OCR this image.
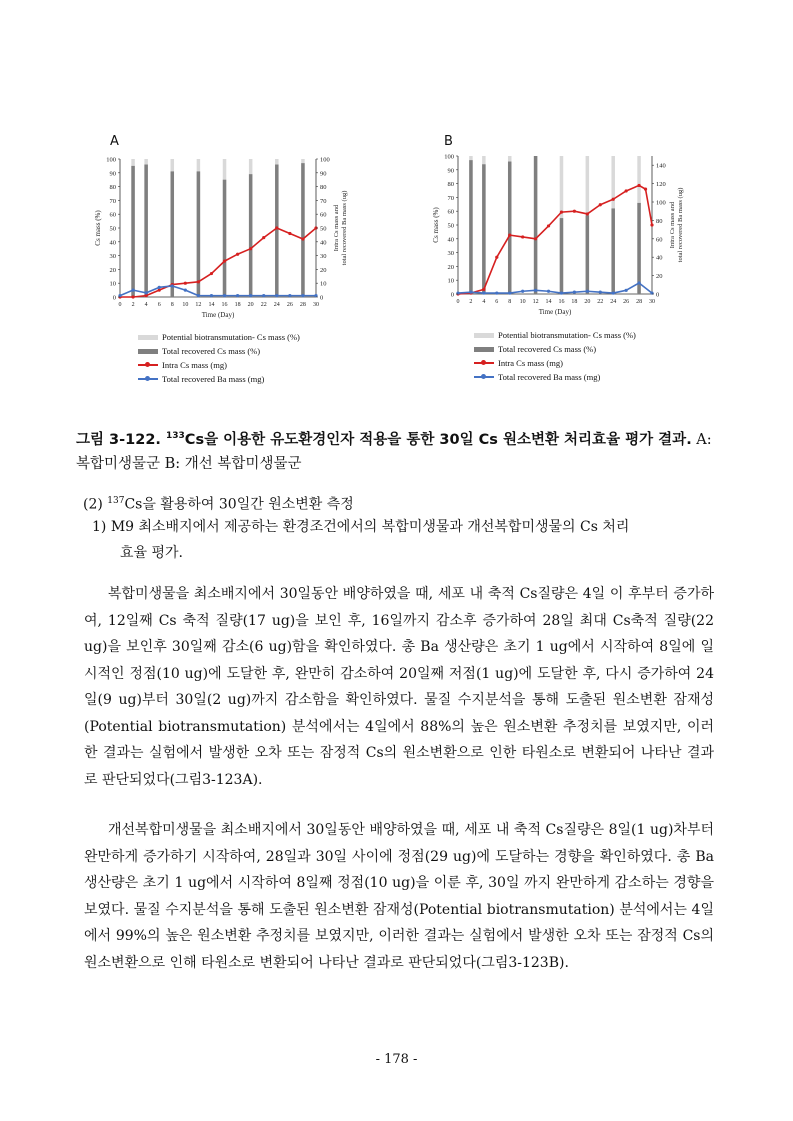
A
0
10
20
30
40
50
60
70
80
90
100
0
10
20
30
40
50
60
70
80
90
100
0 2 4 6 8 10 12 14 16 18 20 22 24 26 28 30
Time (Day)
Cs mass (%)	Intra Cs mass and total recovered Ba mass (ug)
Potential biotransmutation- Cs mass (%)
Total recovered Cs mass (%)
Intra Cs mass (mg)
Total recovered Ba mass (mg)
B
0
10
20
30
40
50
60
70
80
90
100
0
20
40
60
80
100
120
140
0 2 4 6 8 10 12 14 16 18 20 22 24 26 28 30
Time (Day)
Cs mass (%)	Intra Cs mass and total recovered Ba mass (ug)
Potential biotransmutation- Cs mass (%)
Total recovered Cs mass (%)
Intra Cs mass (mg)
Total recovered Ba mass (mg)
그림 3-122. $^{133}$Cs을 이용한 유도환경인자 적용을 통한 30일 Cs 원소변환 처리효율 평가 결과. A: 복합미생물군 B: 개선 복합미생물군
(2) $^{137}$Cs을 활용하여 30일간 원소변환 측정
1) M9 최소배지에서 제공하는 환경조건에서의 복합미생물과 개선복합미생물의 Cs 처리
효율 평가.

복합미생물을 최소배지에서 30일동안 배양하였을 때, 세포 내 축적 Cs질량은 4일 이 후부터 증가하여, 12일째 Cs 축적 질량(17 ug)을 보인 후, 16일까지 감소후 증가하여 28일 최대 Cs축적 질량(22 ug)을 보인후 30일째 감소(6 ug)함을 확인하였다. 총 Ba 생산량은 초기 1 ug에서 시작하여 8일에 일시적인 정점(10 ug)에 도달한 후, 완만히 감소하여 20일째 저점(1 ug)에 도달한 후, 다시 증가하여 24일(9 ug)부터 30일(2 ug)까지 감소함을 확인하였다. 물질 수지분석을 통해 도출된 원소변환 잠재성(Potential biotransmutation) 분석에서는 4일에서 88%의 높은 원소변환 추정치를 보였지만, 이러한 결과는 실험에서 발생한 오차 또는 잠정적 Cs의 원소변환으로 인한 타원소로 변환되어 나타난 결과로 판단되었다(그림3-123A).

개선복합미생물을 최소배지에서 30일동안 배양하였을 때, 세포 내 축적 Cs질량은 8일(1 ug)차부터 완만하게 증가하기 시작하여, 28일과 30일 사이에 정점(29 ug)에 도달하는 경향을 확인하였다. 총 Ba 생산량은 초기 1 ug에서 시작하여 8일째 정점(10 ug)을 이룬 후, 30일 까지 완만하게 감소하는 경향을 보였다. 물질 수지분석을 통해 도출된 원소변환 잠재성(Potential biotransmutation) 분석에서는 4일에서 99%의 높은 원소변환 추정치를 보였지만, 이러한 결과는 실험에서 발생한 오차 또는 잠정적 Cs의 원소변환으로 인해 타원소로 변환되어 나타난 결과로 판단되었다(그림3-123B).

- 178 -
